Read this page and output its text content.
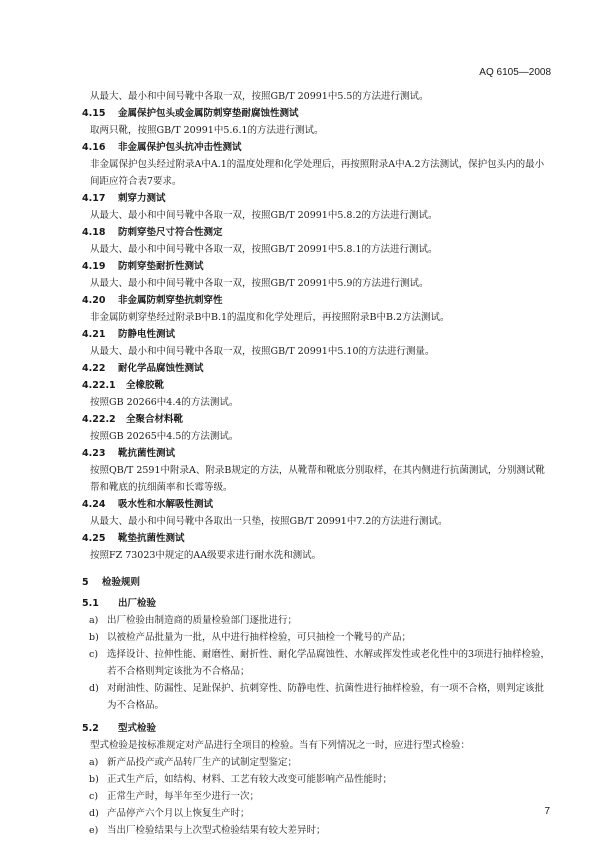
AQ 6105—2008

从最大、最小和中间号靴中各取一双，按照GB/T 20991中5.5的方法进行测试。

4.15 金属保护包头或金属防刺穿垫耐腐蚀性测试

取两只靴，按照GB/T 20991中5.6.1的方法进行测试。

4.16 非金属保护包头抗冲击性测试

非金属保护包头经过附录A中A.1的温度处理和化学处理后，再按照附录A中A.2方法测试，保护包头内的最小间距应符合表7要求。

4.17 刺穿力测试

从最大、最小和中间号靴中各取一双，按照GB/T 20991中5.8.2的方法进行测试。

4.18 防刺穿垫尺寸符合性测定

从最大、最小和中间号靴中各取一双，按照GB/T 20991中5.8.1的方法进行测试。

4.19 防刺穿垫耐折性测试

从最大、最小和中间号靴中各取一双，按照GB/T 20991中5.9的方法进行测试。

4.20 非金属防刺穿垫抗刺穿性

非金属防刺穿垫经过附录B中B.1的温度和化学处理后，再按照附录B中B.2方法测试。

4.21 防静电性测试

从最大、最小和中间号靴中各取一双，按照GB/T 20991中5.10的方法进行测量。

4.22 耐化学品腐蚀性测试
4.22.1 全橡胶靴

按照GB 20266中4.4的方法测试。

4.22.2 全聚合材料靴

按照GB 20265中4.5的方法测试。

4.23 靴抗菌性测试

按照QB/T 2591中附录A、附录B规定的方法，从靴帮和靴底分别取样，在其内侧进行抗菌测试，分别测试靴帮和靴底的抗细菌率和长霉等级。

4.24 吸水性和水解吸性测试

从最大、最小和中间号靴中各取出一只垫，按照GB/T 20991中7.2的方法进行测试。

4.25 靴垫抗菌性测试

按照FZ 73023中规定的AA级要求进行耐水洗和测试。

5 检验规则
5.1 出厂检验
a) 出厂检验由制造商的质量检验部门逐批进行；
b) 以被检产品批量为一批，从中进行抽样检验，可只抽检一个靴号的产品；
c) 选择设计、拉伸性能、耐磨性、耐折性、耐化学品腐蚀性、水解或挥发性或老化性中的3项进行抽样检验，若不合格则判定该批为不合格品；
d) 对耐油性、防漏性、足趾保护、抗刺穿性、防静电性、抗菌性进行抽样检验，有一项不合格，则判定该批为不合格品。
5.2 型式检验

型式检验是按标准规定对产品进行全项目的检验。当有下列情况之一时，应进行型式检验：

a) 新产品投产或产品转厂生产的试制定型鉴定；
b) 正式生产后，如结构、材料、工艺有较大改变可能影响产品性能时；
c) 正常生产时，每半年至少进行一次；
d) 产品停产六个月以上恢复生产时；
e) 当出厂检验结果与上次型式检验结果有较大差异时；
7
